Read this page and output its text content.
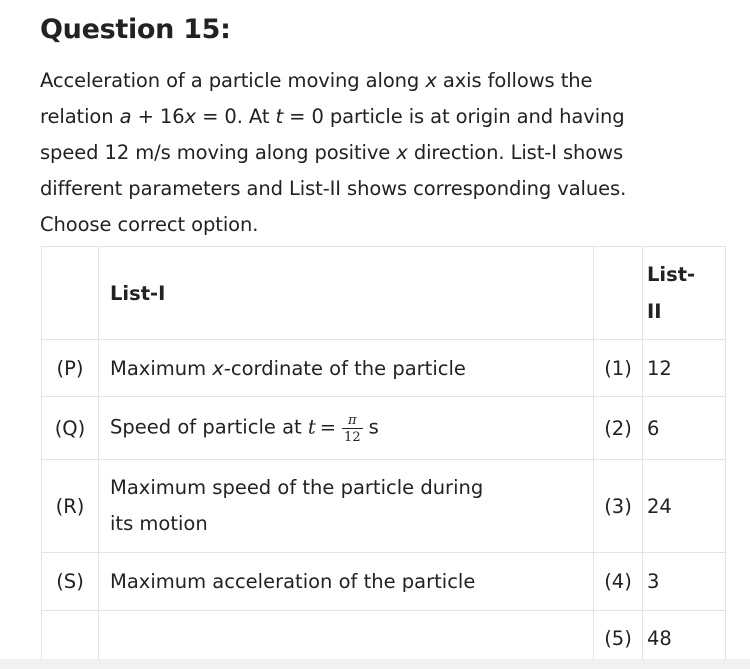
Question 15:

Acceleration of a particle moving along x axis follows the
relation a + 16x = 0. At t = 0 particle is at origin and having
speed 12 m/s moving along positive x direction. List-I shows
different parameters and List-II shows corresponding values.
Choose correct option.

	List-I		List-
II

(P)	Maximum x-cordinate of the particle	(1)	12
(Q)	Speed of particle at $t = \frac{\pi}{12}$ s	(2)	6
(R)	Maximum speed of the particle during
its motion	(3)	24
(S)	Maximum acceleration of the particle	(4)	3
		(5)	48
